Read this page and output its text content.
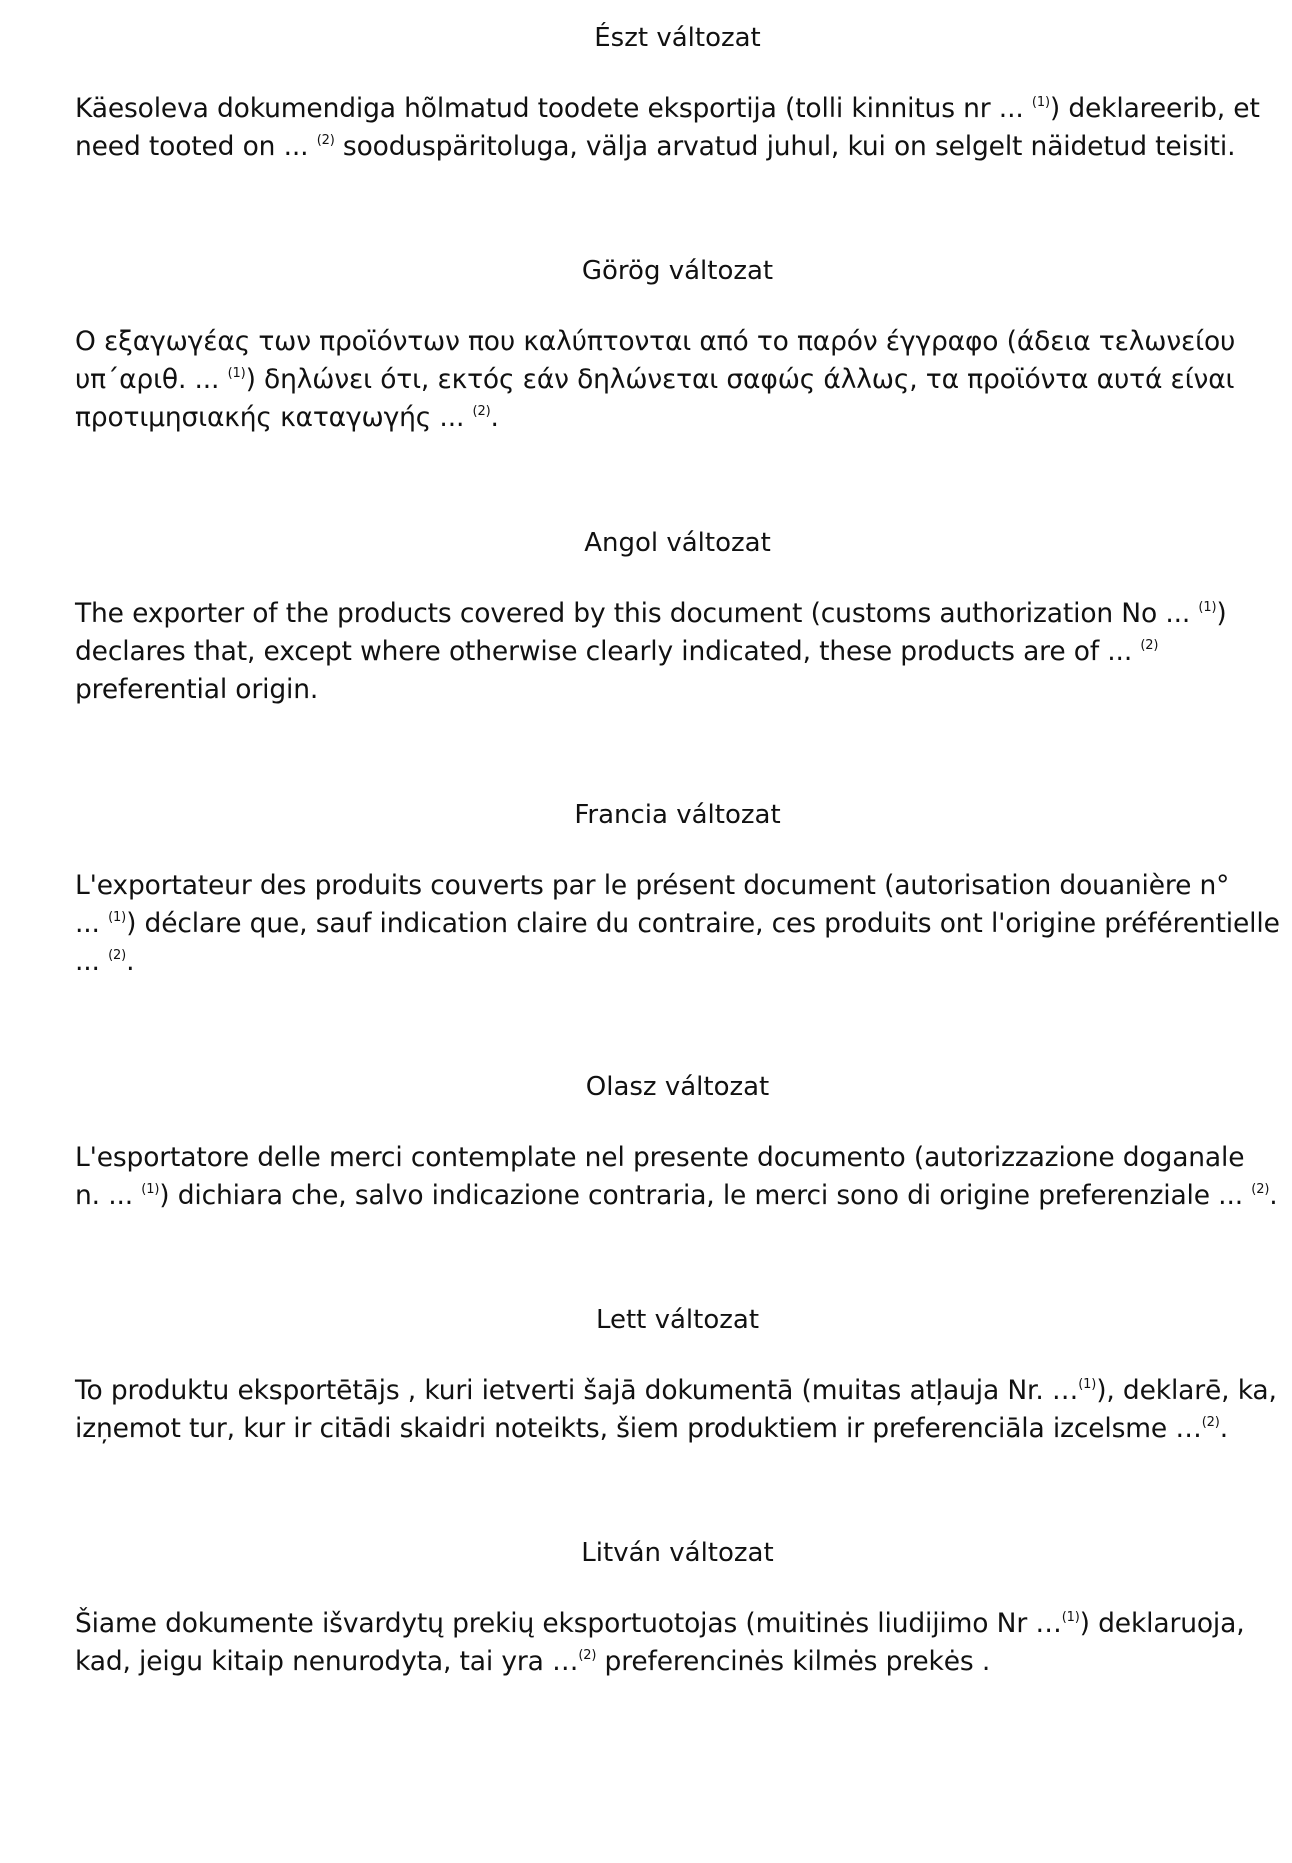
Észt változat
Käesoleva dokumendiga hõlmatud toodete eksportija (tolli kinnitus nr ... $^{(1)}$) deklareerib, et
need tooted on ... $^{(2)}$ sooduspäritoluga, välja arvatud juhul, kui on selgelt näidetud teisiti.
Görög változat
Ο εξαγωγέας των προϊόντων που καλύπτονται από το παρόν έγγραφο (άδεια τελωνείου
υπ΄αριθ. ... $^{(1)}$) δηλώνει ότι, εκτός εάν δηλώνεται σαφώς άλλως, τα προϊόντα αυτά είναι
προτιμησιακής καταγωγής ... $^{(2)}$.
Angol változat
The exporter of the products covered by this document (customs authorization No ... $^{(1)}$)
declares that, except where otherwise clearly indicated, these products are of ... $^{(2)}$
preferential origin.
Francia változat
L'exportateur des produits couverts par le présent document (autorisation douanière n°
... $^{(1)}$) déclare que, sauf indication claire du contraire, ces produits ont l'origine préférentielle
... $^{(2)}$.
Olasz változat
L'esportatore delle merci contemplate nel presente documento (autorizzazione doganale
n. ... $^{(1)}$) dichiara che, salvo indicazione contraria, le merci sono di origine preferenziale ... $^{(2)}$.
Lett változat
To produktu eksportētājs , kuri ietverti šajā dokumentā (muitas atļauja Nr. …$^{(1)}$), deklarē, ka,
izņemot tur, kur ir citādi skaidri noteikts, šiem produktiem ir preferenciāla izcelsme …$^{(2)}$.
Litván változat
Šiame dokumente išvardytų prekių eksportuotojas (muitinės liudijimo Nr …$^{(1)}$) deklaruoja,
kad, jeigu kitaip nenurodyta, tai yra …$^{(2)}$ preferencinės kilmės prekės .
